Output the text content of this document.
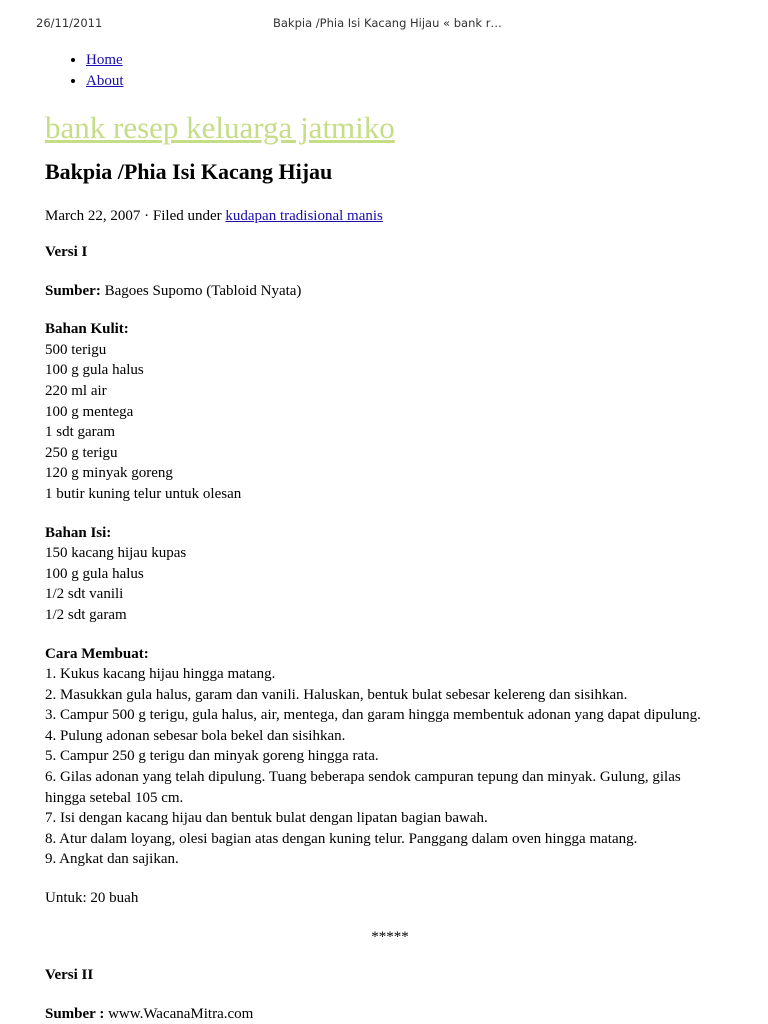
26/11/2011	Bakpia /Phia Isi Kacang Hijau « bank r…
• Home
• About
bank resep keluarga jatmiko
Bakpia /Phia Isi Kacang Hijau
March 22, 2007 · Filed under kudapan tradisional manis

Versi I

Sumber: Bagoes Supomo (Tabloid Nyata)

Bahan Kulit:

500 terigu

100 g gula halus

220 ml air

100 g mentega

1 sdt garam

250 g terigu

120 g minyak goreng

1 butir kuning telur untuk olesan

Bahan Isi:

150 kacang hijau kupas

100 g gula halus

1/2 sdt vanili

1/2 sdt garam

Cara Membuat:

1. Kukus kacang hijau hingga matang.

2. Masukkan gula halus, garam dan vanili. Haluskan, bentuk bulat sebesar kelereng dan sisihkan.

3. Campur 500 g terigu, gula halus, air, mentega, dan garam hingga membentuk adonan yang dapat dipulung.

4. Pulung adonan sebesar bola bekel dan sisihkan.

5. Campur 250 g terigu dan minyak goreng hingga rata.

6. Gilas adonan yang telah dipulung. Tuang beberapa sendok campuran tepung dan minyak. Gulung, gilas

hingga setebal 105 cm.

7. Isi dengan kacang hijau dan bentuk bulat dengan lipatan bagian bawah.

8. Atur dalam loyang, olesi bagian atas dengan kuning telur. Panggang dalam oven hingga matang.

9. Angkat dan sajikan.

Untuk: 20 buah

*****

Versi II

Sumber : www.WacanaMitra.com
